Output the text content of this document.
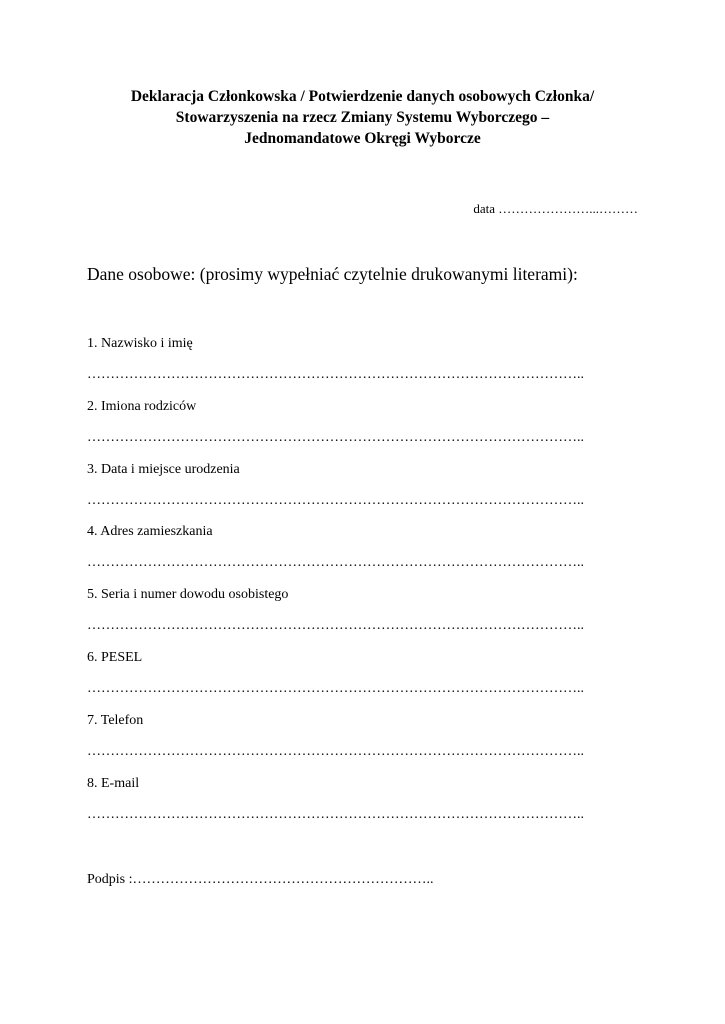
Deklaracja Członkowska / Potwierdzenie danych osobowych Członka/
Stowarzyszenia na rzecz Zmiany Systemu Wyborczego –
Jednomandatowe Okręgi Wyborcze
data …………………...………
Dane osobowe: (prosimy wypełniać czytelnie drukowanymi literami):
1. Nazwisko i imię
……………………………………………………………………………………………..
2. Imiona rodziców
……………………………………………………………………………………………..
3. Data i miejsce urodzenia
……………………………………………………………………………………………..
4. Adres zamieszkania
……………………………………………………………………………………………..
5. Seria i numer dowodu osobistego
……………………………………………………………………………………………..
6. PESEL
……………………………………………………………………………………………..
7. Telefon
……………………………………………………………………………………………..
8. E-mail
……………………………………………………………………………………………..
Podpis :………………………………………………………..
